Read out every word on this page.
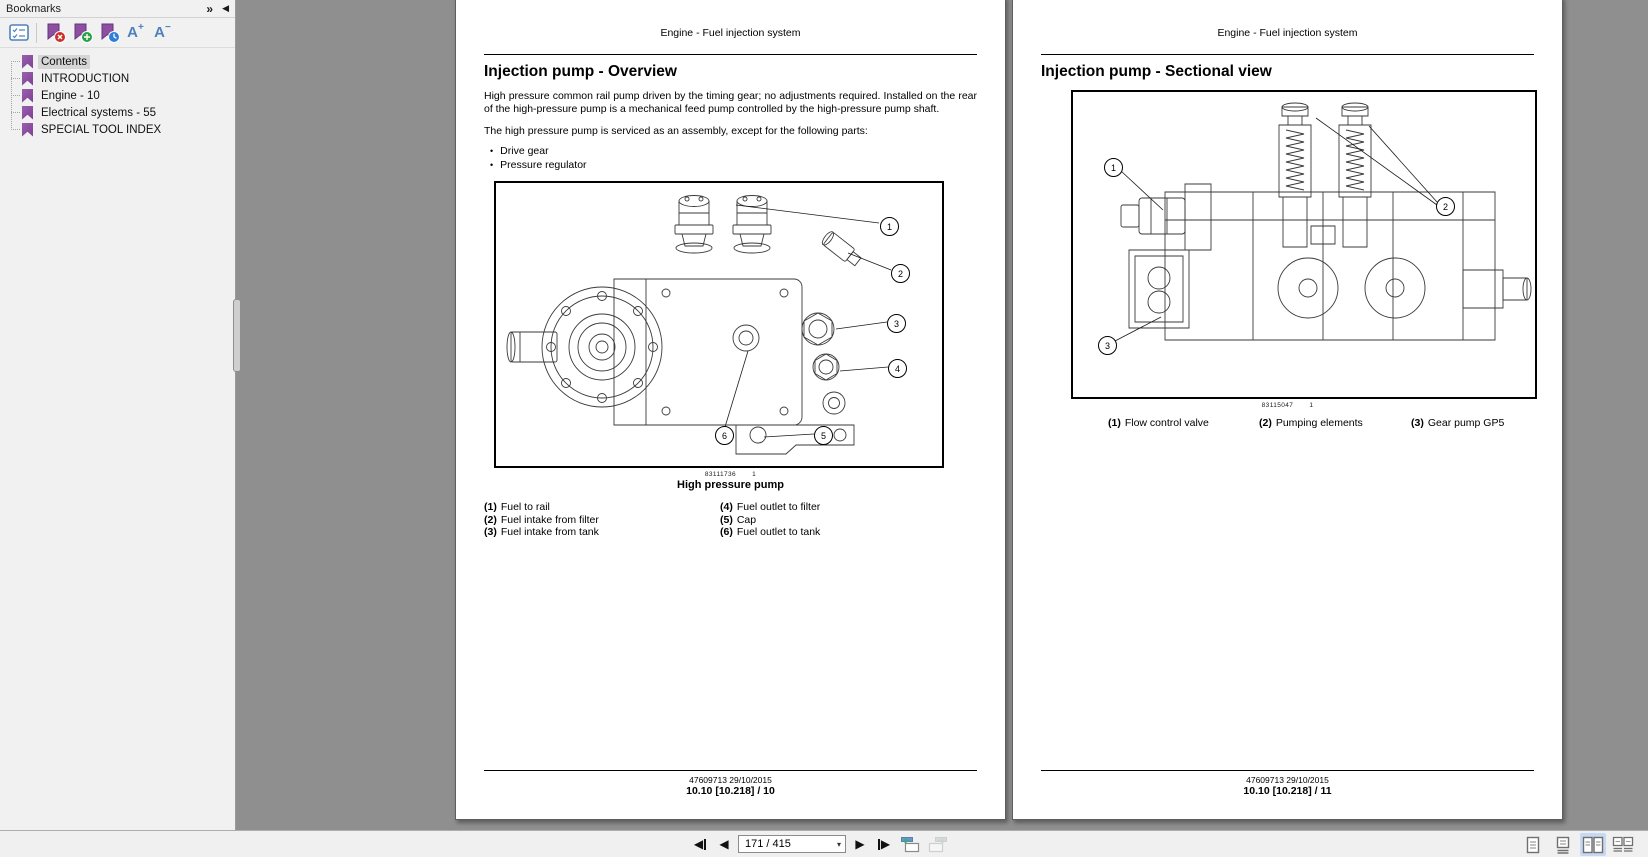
Bookmarks	» ◀
A + A −
Contents
INTRODUCTION
Engine - 10
Electrical systems - 55
SPECIAL TOOL INDEX
Engine - Fuel injection system
Injection pump - Overview
High pressure common rail pump driven by the timing gear; no adjustments required. Installed on the rear of the high-pressure pump is a mechanical feed pump controlled by the high-pressure pump shaft.
The high pressure pump is serviced as an assembly, except for the following parts:
• Drive gear
• Pressure regulator
1
2
3
4
5
6
83111736 1
High pressure pump
(1) Fuel to rail
(2) Fuel intake from filter
(3) Fuel intake from tank
(4) Fuel outlet to filter
(5) Cap
(6) Fuel outlet to tank
47609713 29/10/2015
10.10 [10.218] / 10
Engine - Fuel injection system
Injection pump - Sectional view
1
2
3
83115047 1
(1) Flow control valve	(2) Pumping elements	(3) Gear pump GP5
47609713 29/10/2015
10.10 [10.218] / 11
◀ ◀
171 / 415	▾	▶ ▶
